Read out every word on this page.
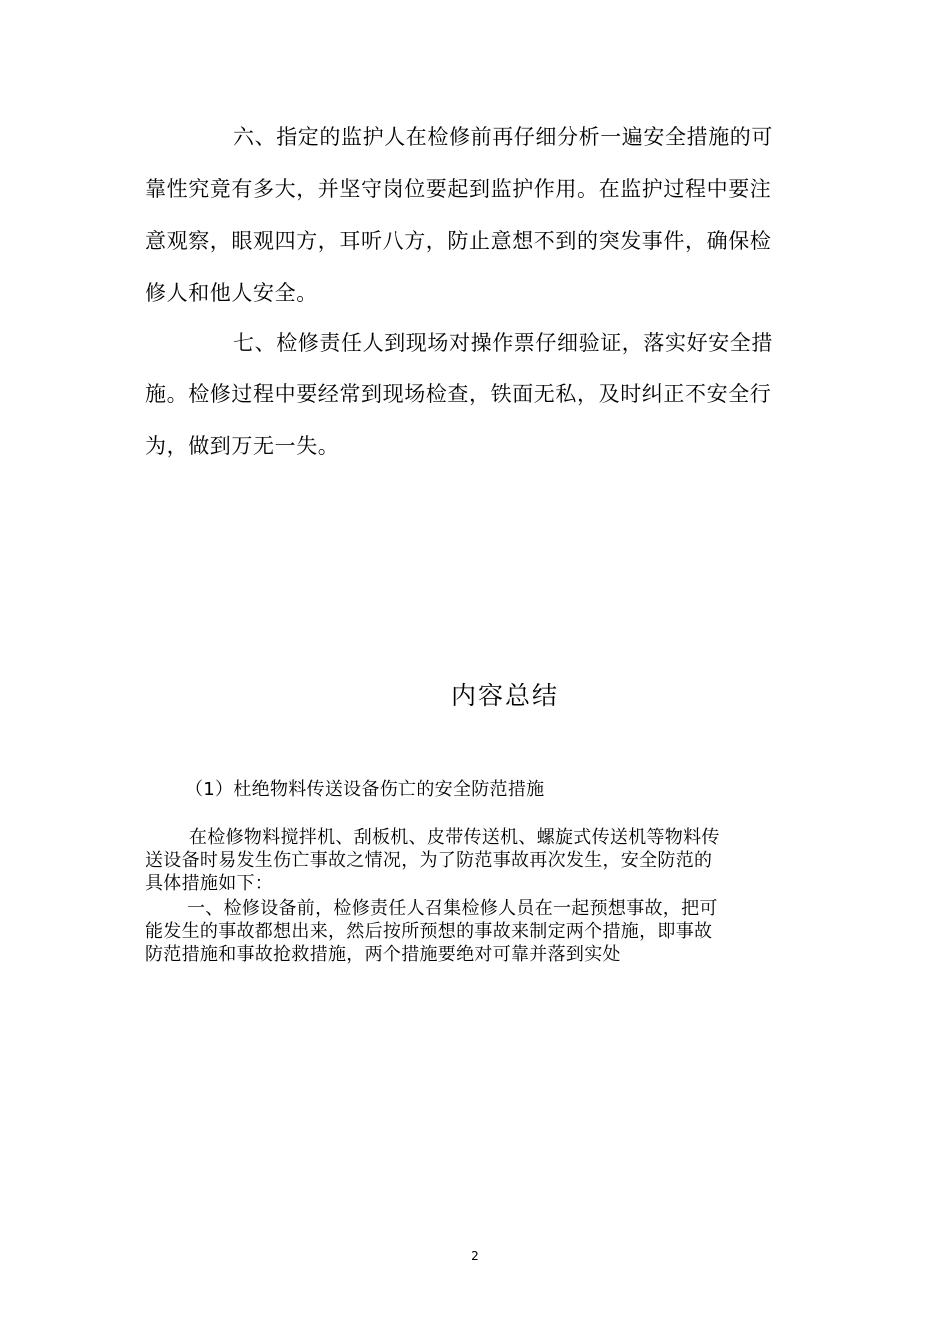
六、指定的监护人在检修前再仔细分析一遍安全措施的可
靠性究竟有多大，并坚守岗位要起到监护作用。在监护过程中要注
意观察，眼观四方，耳听八方，防止意想不到的突发事件，确保检
修人和他人安全。
七、检修责任人到现场对操作票仔细验证，落实好安全措
施。检修过程中要经常到现场检查，铁面无私，及时纠正不安全行
为，做到万无一失。
内容总结
（1）杜绝物料传送设备伤亡的安全防范措施
在检修物料搅拌机、刮板机、皮带传送机、螺旋式传送机等物料传
送设备时易发生伤亡事故之情况，为了防范事故再次发生，安全防范的
具体措施如下：
一、检修设备前，检修责任人召集检修人员在一起预想事故，把可
能发生的事故都想出来，然后按所预想的事故来制定两个措施，即事故
防范措施和事故抢救措施，两个措施要绝对可靠并落到实处
2
